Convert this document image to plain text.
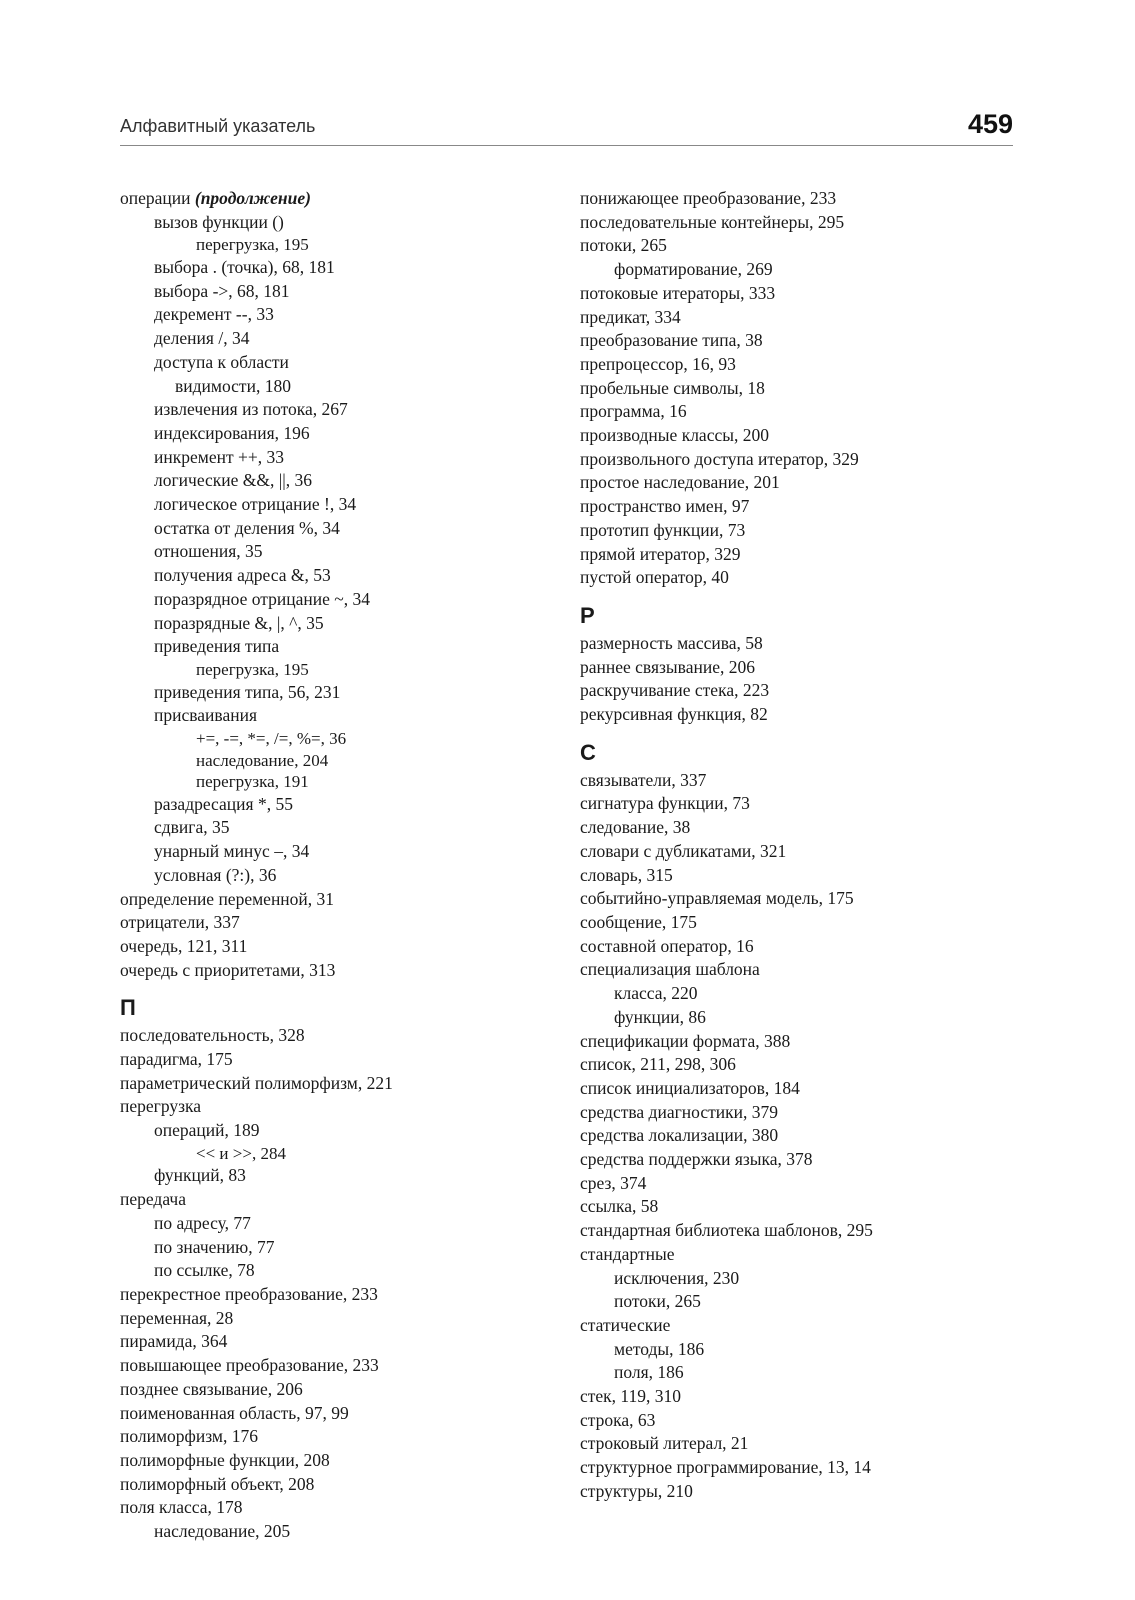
Алфавитный указатель	459
операции (продолжение)
вызов функции ()
перегрузка, 195
выбора . (точка), 68, 181
выбора ->, 68, 181
декремент --, 33
деления /, 34
доступа к области
видимости, 180
извлечения из потока, 267
индексирования, 196
инкремент ++, 33
логические &&, ||, 36
логическое отрицание !, 34
остатка от деления %, 34
отношения, 35
получения адреса &, 53
поразрядное отрицание ~, 34
поразрядные &, |, ^, 35
приведения типа
перегрузка, 195
приведения типа, 56, 231
присваивания
+=, -=, *=, /=, %=, 36
наследование, 204
перегрузка, 191
разадресация *, 55
сдвига, 35
унарный минус –, 34
условная (?:), 36
определение переменной, 31
отрицатели, 337
очередь, 121, 311
очередь с приоритетами, 313
П
последовательность, 328
парадигма, 175
параметрический полиморфизм, 221
перегрузка
операций, 189
<< и >>, 284
функций, 83
передача
по адресу, 77
по значению, 77
по ссылке, 78
перекрестное преобразование, 233
переменная, 28
пирамида, 364
повышающее преобразование, 233
позднее связывание, 206
поименованная область, 97, 99
полиморфизм, 176
полиморфные функции, 208
полиморфный объект, 208
поля класса, 178
наследование, 205
понижающее преобразование, 233
последовательные контейнеры, 295
потоки, 265
форматирование, 269
потоковые итераторы, 333
предикат, 334
преобразование типа, 38
препроцессор, 16, 93
пробельные символы, 18
программа, 16
производные классы, 200
произвольного доступа итератор, 329
простое наследование, 201
пространство имен, 97
прототип функции, 73
прямой итератор, 329
пустой оператор, 40
Р
размерность массива, 58
раннее связывание, 206
раскручивание стека, 223
рекурсивная функция, 82
С
связыватели, 337
сигнатура функции, 73
следование, 38
словари с дубликатами, 321
словарь, 315
событийно-управляемая модель, 175
сообщение, 175
составной оператор, 16
специализация шаблона
класса, 220
функции, 86
спецификации формата, 388
список, 211, 298, 306
список инициализаторов, 184
средства диагностики, 379
средства локализации, 380
средства поддержки языка, 378
срез, 374
ссылка, 58
стандартная библиотека шаблонов, 295
стандартные
исключения, 230
потоки, 265
статические
методы, 186
поля, 186
стек, 119, 310
строка, 63
строковый литерал, 21
структурное программирование, 13, 14
структуры, 210
